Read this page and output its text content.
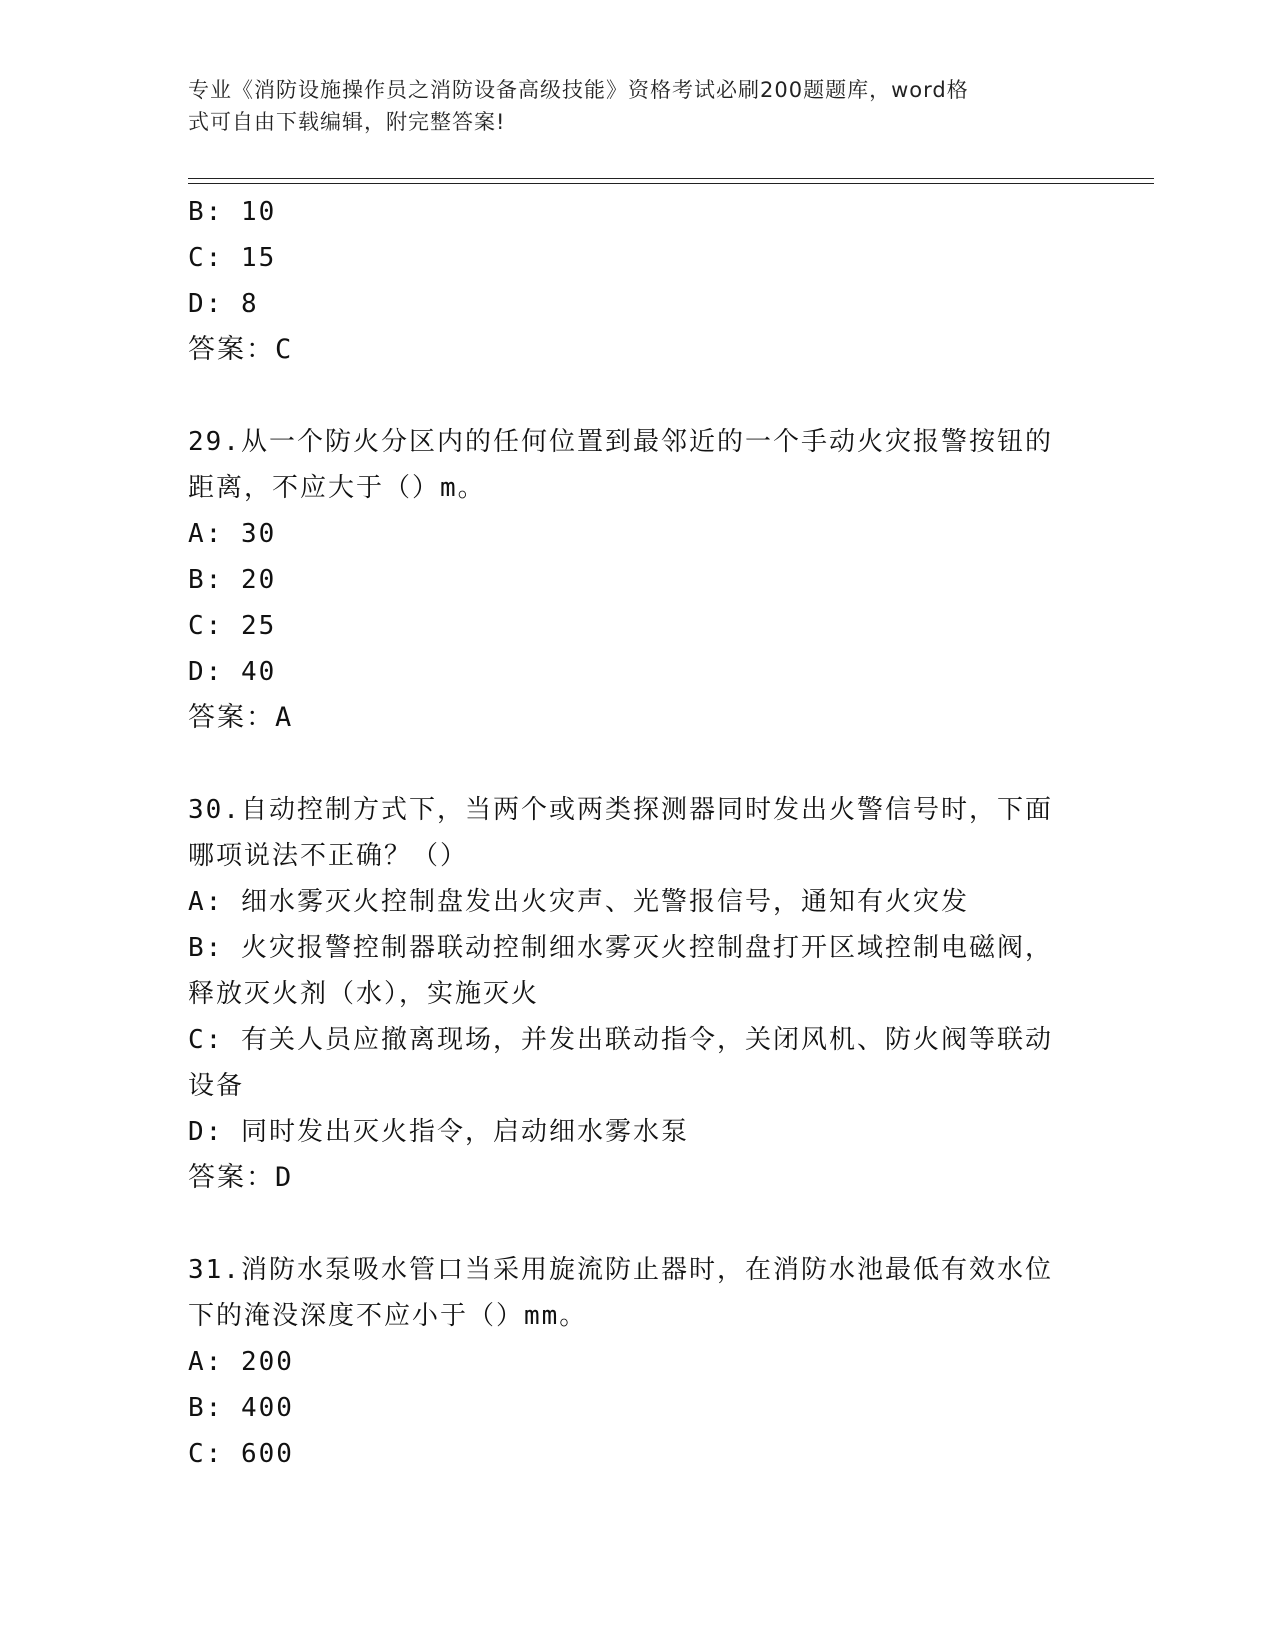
专业《消防设施操作员之消防设备高级技能》资格考试必刷200题题库，word格
式可自由下载编辑，附完整答案!
B: 10
C: 15
D: 8
答案：C
29.从一个防火分区内的任何位置到最邻近的一个手动火灾报警按钮的
距离，不应大于（）m。
A: 30
B: 20
C: 25
D: 40
答案：A
30.自动控制方式下，当两个或两类探测器同时发出火警信号时，下面
哪项说法不正确？（）
A: 细水雾灭火控制盘发出火灾声、光警报信号，通知有火灾发
B: 火灾报警控制器联动控制细水雾灭火控制盘打开区域控制电磁阀，
释放灭火剂（水），实施灭火
C: 有关人员应撤离现场，并发出联动指令，关闭风机、防火阀等联动
设备
D: 同时发出灭火指令，启动细水雾水泵
答案：D
31.消防水泵吸水管口当采用旋流防止器时，在消防水池最低有效水位
下的淹没深度不应小于（）mm。
A: 200
B: 400
C: 600
